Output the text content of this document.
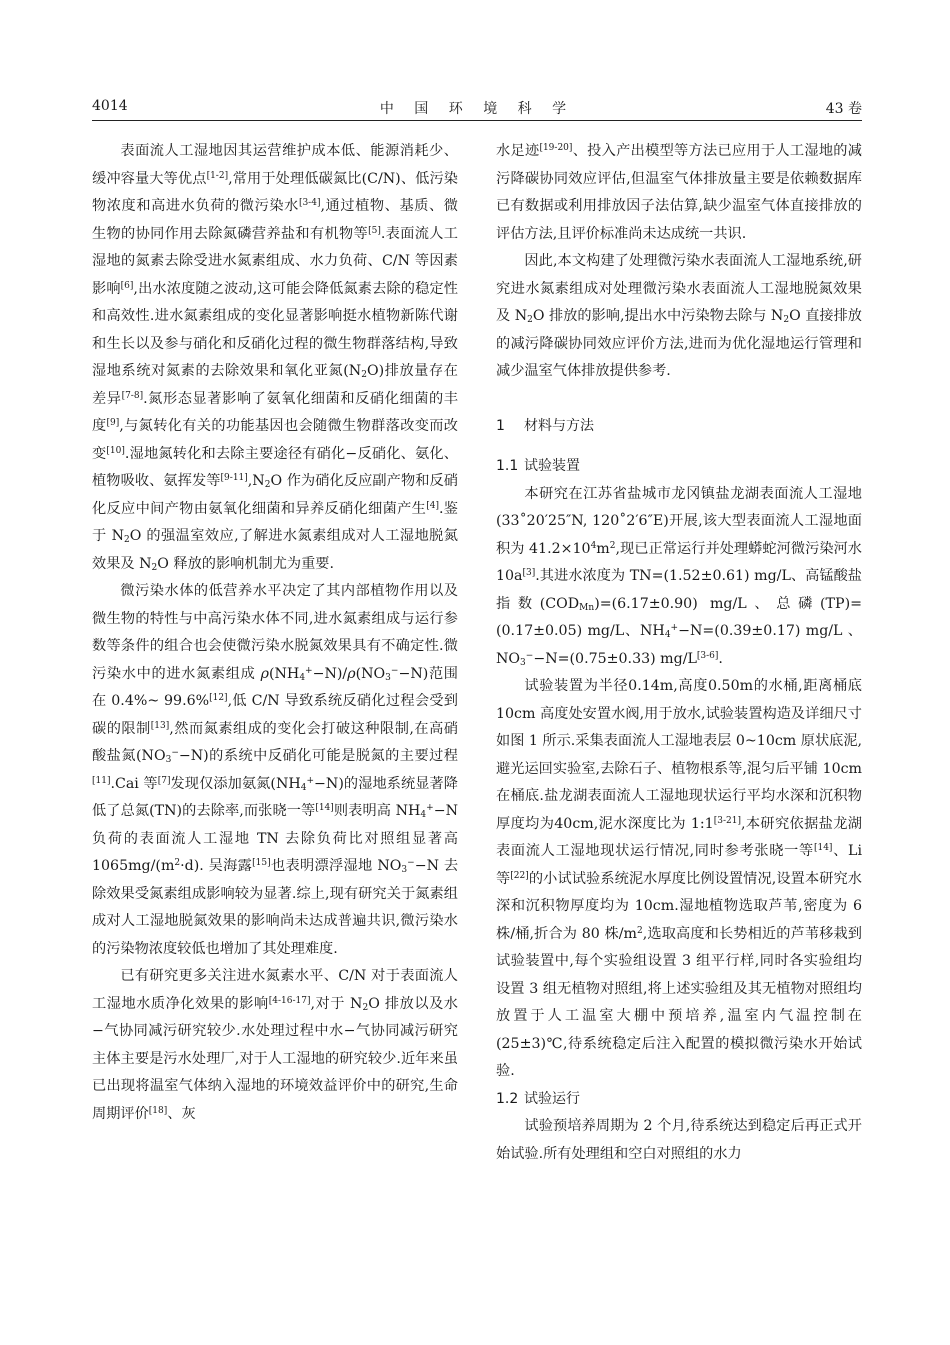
4014	中 国 环 境 科 学	43 卷

表面流人工湿地因其运营维护成本低、能源消耗少、缓冲容量大等优点[1-2],常用于处理低碳氮比(C/N)、低污染物浓度和高进水负荷的微污染水[3-4],通过植物、基质、微生物的协同作用去除氮磷营养盐和有机物等[5].表面流人工湿地的氮素去除受进水氮素组成、水力负荷、C/N 等因素影响[6],出水浓度随之波动,这可能会降低氮素去除的稳定性和高效性.进水氮素组成的变化显著影响挺水植物新陈代谢和生长以及参与硝化和反硝化过程的微生物群落结构,导致湿地系统对氮素的去除效果和氧化亚氮$(N_2O)$排放量存在差异[7-8].氮形态显著影响了氨氧化细菌和反硝化细菌的丰度[9],与氮转化有关的功能基因也会随微生物群落改变而改变[10].湿地氮转化和去除主要途径有硝化−反硝化、氨化、植物吸收、氨挥发等$[9-11],N_2O$ 作为硝化反应副产物和反硝化反应中间产物由氨氧化细菌和异养反硝化细菌产生[4].鉴于 $N_2O$ 的强温室效应,了解进水氮素组成对人工湿地脱氮效果及 $N_2O$ 释放的影响机制尤为重要.

微污染水体的低营养水平决定了其内部植物作用以及微生物的特性与中高污染水体不同,进水氮素组成与运行参数等条件的组合也会使微污染水脱氮效果具有不确定性.微污染水中的进水氮素组成 $\rho(NH_4^+-N)/\rho(NO_3^--N)$范围在 0.4%~ 99.6%[12],低 C/N 导致系统反硝化过程会受到碳的限制[13],然而氮素组成的变化会打破这种限制,在高硝酸盐氮$(NO_3^--N)$的系统中反硝化可能是脱氮的主要过程[11].Cai 等[7]发现仅添加氨氮$(NH_4^+-N)$的湿地系统显著降低了总氮(TN)的去除率,而张晓一等[14]则表明高 $NH_4^+-N$ 负荷的表面流人工湿地 TN 去除负荷比对照组显著高 $1065mg/(m^2\cdot d)$. 吴海露[15]也表明漂浮湿地 $NO_3^--N$ 去除效果受氮素组成影响较为显著.综上,现有研究关于氮素组成对人工湿地脱氮效果的影响尚未达成普遍共识,微污染水的污染物浓度较低也增加了其处理难度.

已有研究更多关注进水氮素水平、C/N 对于表面流人工湿地水质净化效果的影响[4-16-17],对于 $N_2O$ 排放以及水−气协同减污研究较少.水处理过程中水−气协同减污研究主体主要是污水处理厂,对于人工湿地的研究较少.近年来虽已出现将温室气体纳入湿地的环境效益评价中的研究,生命周期评价[18]、灰

水足迹[19-20]、投入产出模型等方法已应用于人工湿地的减污降碳协同效应评估,但温室气体排放量主要是依赖数据库已有数据或利用排放因子法估算,缺少温室气体直接排放的评估方法,且评价标准尚未达成统一共识.

因此,本文构建了处理微污染水表面流人工湿地系统,研究进水氮素组成对处理微污染水表面流人工湿地脱氮效果及 $N_2O$ 排放的影响,提出水中污染物去除与 $N_2O$ 直接排放的减污降碳协同效应评价方法,进而为优化湿地运行管理和减少温室气体排放提供参考.

1 材料与方法
1.1 试验装置

本研究在江苏省盐城市龙冈镇盐龙湖表面流人工湿地(33˚20′25″N, 120˚2′6″E)开展,该大型表面流人工湿地面积为 $41.2\times 10^4m^2$,现已正常运行并处理蟒蛇河微污染河水 10a[3].其进水浓度为 TN=(1.52±0.61) mg/L、高锰酸盐指数$(COD_{Mn})=(6.17\pm 0.90)$ mg/L、总磷(TP)=(0.17±0.05) mg/L、$NH_4^+-N=(0.39\pm 0.17)$ mg/L 、$NO_3^--N=(0.75\pm 0.33)$ mg/L[3-6].

试验装置为半径0.14m,高度0.50m的水桶,距离桶底 10cm 高度处安置水阀,用于放水,试验装置构造及详细尺寸如图 1 所示.采集表面流人工湿地表层 0~10cm 原状底泥,避光运回实验室,去除石子、植物根系等,混匀后平铺 10cm 在桶底.盐龙湖表面流人工湿地现状运行平均水深和沉积物厚度均为40cm,泥水深度比为 1:1[3-21],本研究依据盐龙湖表面流人工湿地现状运行情况,同时参考张晓一等[14]、Li 等[22]的小试试验系统泥水厚度比例设置情况,设置本研究水深和沉积物厚度均为 10cm.湿地植物选取芦苇,密度为 6 株/桶,折合为 80 株$/m^2$,选取高度和长势相近的芦苇移栽到试验装置中,每个实验组设置 3 组平行样,同时各实验组均设置 3 组无植物对照组,将上述实验组及其无植物对照组均放置于人工温室大棚中预培养,温室内气温控制在(25±3)℃,待系统稳定后注入配置的模拟微污染水开始试验.

1.2 试验运行

试验预培养周期为 2 个月,待系统达到稳定后再正式开始试验.所有处理组和空白对照组的水力
